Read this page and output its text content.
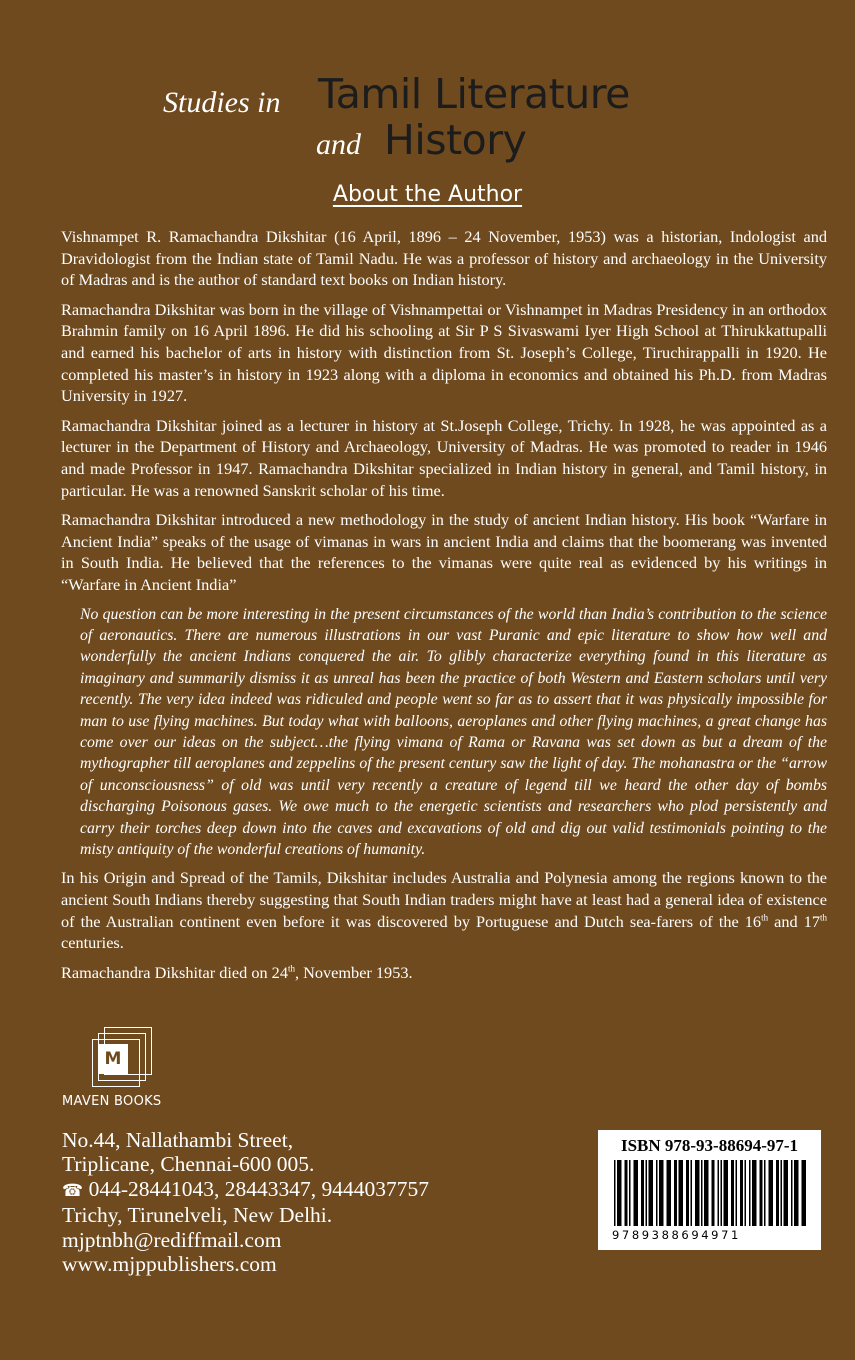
Studies in Tamil Literature
and History
About the Author

Vishnampet R. Ramachandra Dikshitar (16 April, 1896 – 24 November, 1953) was a historian, Indologist and Dravidologist from the Indian state of Tamil Nadu. He was a professor of history and archaeology in the University of Madras and is the author of standard text books on Indian history.

Ramachandra Dikshitar was born in the village of Vishnampettai or Vishnampet in Madras Presidency in an orthodox Brahmin family on 16 April 1896. He did his schooling at Sir P S Sivaswami Iyer High School at Thirukkattupalli and earned his bachelor of arts in history with distinction from St. Joseph’s College, Tiruchirappalli in 1920. He completed his master’s in history in 1923 along with a diploma in economics and obtained his Ph.D. from Madras University in 1927.

Ramachandra Dikshitar joined as a lecturer in history at St.Joseph College, Trichy. In 1928, he was appointed as a lecturer in the Department of History and Archaeology, University of Madras. He was promoted to reader in 1946 and made Professor in 1947. Ramachandra Dikshitar specialized in Indian history in general, and Tamil history, in particular. He was a renowned Sanskrit scholar of his time.

Ramachandra Dikshitar introduced a new methodology in the study of ancient Indian history. His book “Warfare in Ancient India” speaks of the usage of vimanas in wars in ancient India and claims that the boomerang was invented in South India. He believed that the references to the vimanas were quite real as evidenced by his writings in “Warfare in Ancient India”

No question can be more interesting in the present circumstances of the world than India’s contribution to the science of aeronautics. There are numerous illustrations in our vast Puranic and epic literature to show how well and wonderfully the ancient Indians conquered the air. To glibly characterize everything found in this literature as imaginary and summarily dismiss it as unreal has been the practice of both Western and Eastern scholars until very recently. The very idea indeed was ridiculed and people went so far as to assert that it was physically impossible for man to use flying machines. But today what with balloons, aeroplanes and other flying machines, a great change has come over our ideas on the subject…the flying vimana of Rama or Ravana was set down as but a dream of the mythographer till aeroplanes and zeppelins of the present century saw the light of day. The mohanastra or the “arrow of unconsciousness” of old was until very recently a creature of legend till we heard the other day of bombs discharging Poisonous gases. We owe much to the energetic scientists and researchers who plod persistently and carry their torches deep down into the caves and excavations of old and dig out valid testimonials pointing to the misty antiquity of the wonderful creations of humanity.

In his Origin and Spread of the Tamils, Dikshitar includes Australia and Polynesia among the regions known to the ancient South Indians thereby suggesting that South Indian traders might have at least had a general idea of existence of the Australian continent even before it was discovered by Portuguese and Dutch sea-farers of the 16th and 17th centuries.

Ramachandra Dikshitar died on 24th, November 1953.

M
MAVEN BOOKS
No.44, Nallathambi Street,
Triplicane, Chennai-600 005.
☎ 044-28441043, 28443347, 9444037757
Trichy, Tirunelveli, New Delhi.
mjptnbh@rediffmail.com
www.mjppublishers.com
ISBN 978-93-88694-97-1
9789388694971
